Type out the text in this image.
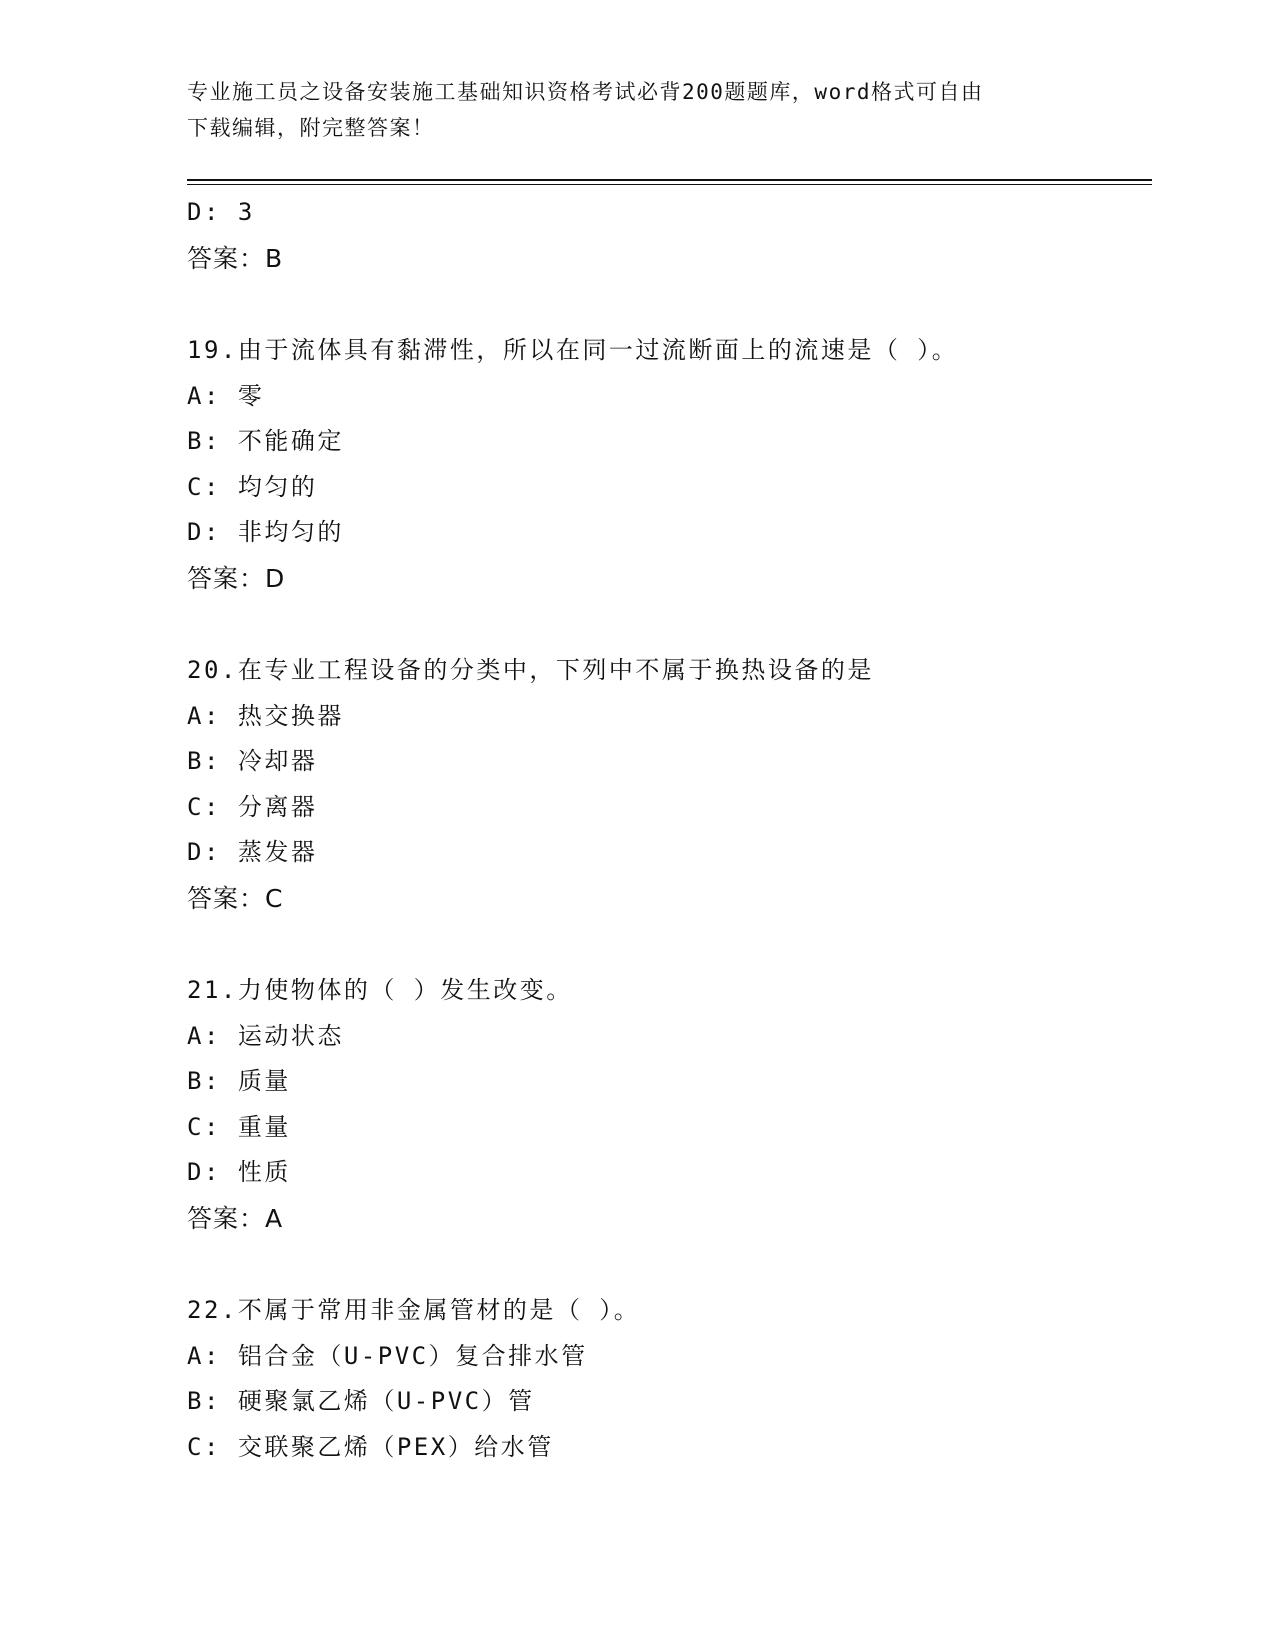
专业施工员之设备安装施工基础知识资格考试必背200题题库，word格式可自由
下载编辑，附完整答案！
D: 3
答案：B
19.由于流体具有黏滞性，所以在同一过流断面上的流速是（ ）。
A: 零
B: 不能确定
C: 均匀的
D: 非均匀的
答案：D
20.在专业工程设备的分类中，下列中不属于换热设备的是
A: 热交换器
B: 冷却器
C: 分离器
D: 蒸发器
答案：C
21.力使物体的（ ）发生改变。
A: 运动状态
B: 质量
C: 重量
D: 性质
答案：A
22.不属于常用非金属管材的是（ ）。
A: 铝合金（U-PVC）复合排水管
B: 硬聚氯乙烯（U-PVC）管
C: 交联聚乙烯（PEX）给水管
